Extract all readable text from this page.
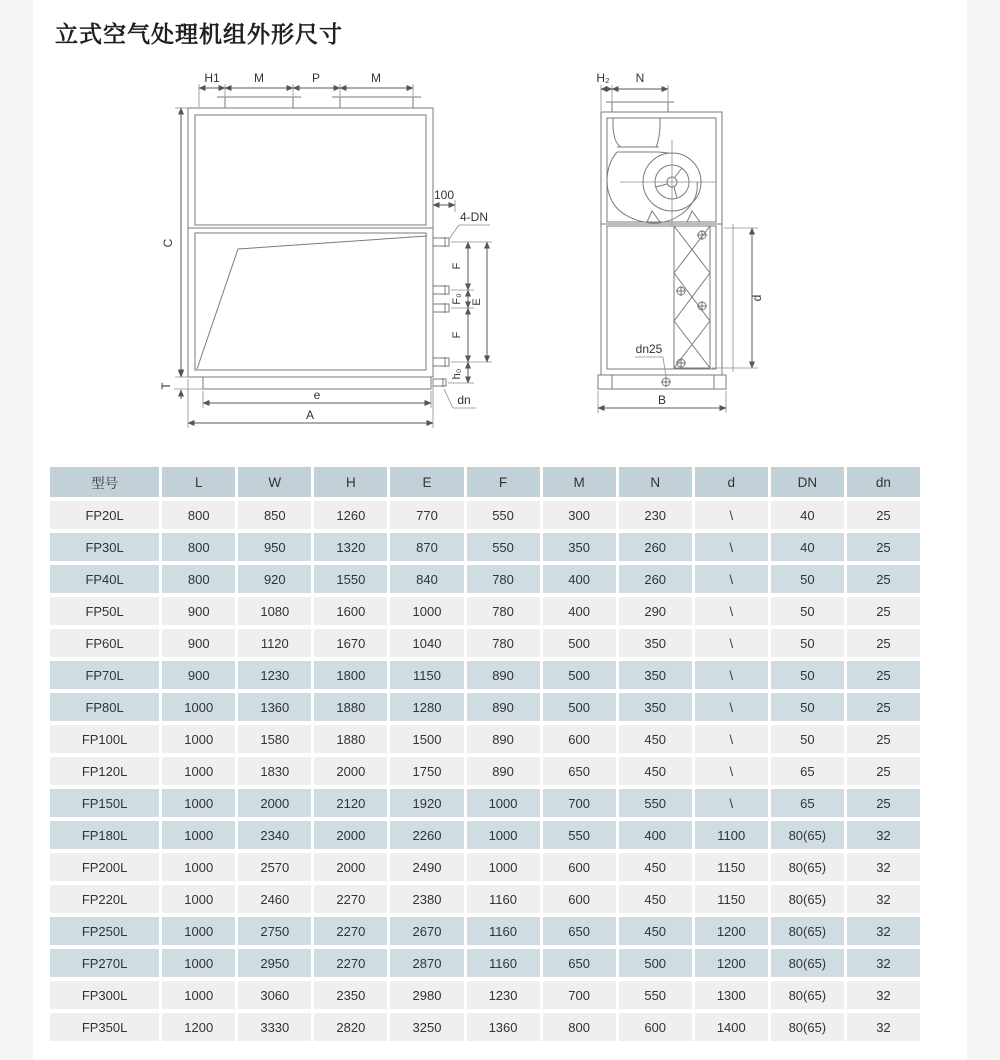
立式空气处理机组外形尺寸
H1	M	P	M
C
T
100
4-DN
F
F₀
F
h₀
E
dn
e
A
H₂ N
dn25
d
B
型号	L	W	H	E	F	M	N	d	DN	dn
FP20L	800	850	1260	770	550	300	230	\	40	25
FP30L	800	950	1320	870	550	350	260	\	40	25
FP40L	800	920	1550	840	780	400	260	\	50	25
FP50L	900	1080	1600	1000	780	400	290	\	50	25
FP60L	900	1120	1670	1040	780	500	350	\	50	25
FP70L	900	1230	1800	1150	890	500	350	\	50	25
FP80L	1000	1360	1880	1280	890	500	350	\	50	25
FP100L	1000	1580	1880	1500	890	600	450	\	50	25
FP120L	1000	1830	2000	1750	890	650	450	\	65	25
FP150L	1000	2000	2120	1920	1000	700	550	\	65	25
FP180L	1000	2340	2000	2260	1000	550	400	1100	80(65)	32
FP200L	1000	2570	2000	2490	1000	600	450	1150	80(65)	32
FP220L	1000	2460	2270	2380	1160	600	450	1150	80(65)	32
FP250L	1000	2750	2270	2670	1160	650	450	1200	80(65)	32
FP270L	1000	2950	2270	2870	1160	650	500	1200	80(65)	32
FP300L	1000	3060	2350	2980	1230	700	550	1300	80(65)	32
FP350L	1200	3330	2820	3250	1360	800	600	1400	80(65)	32
